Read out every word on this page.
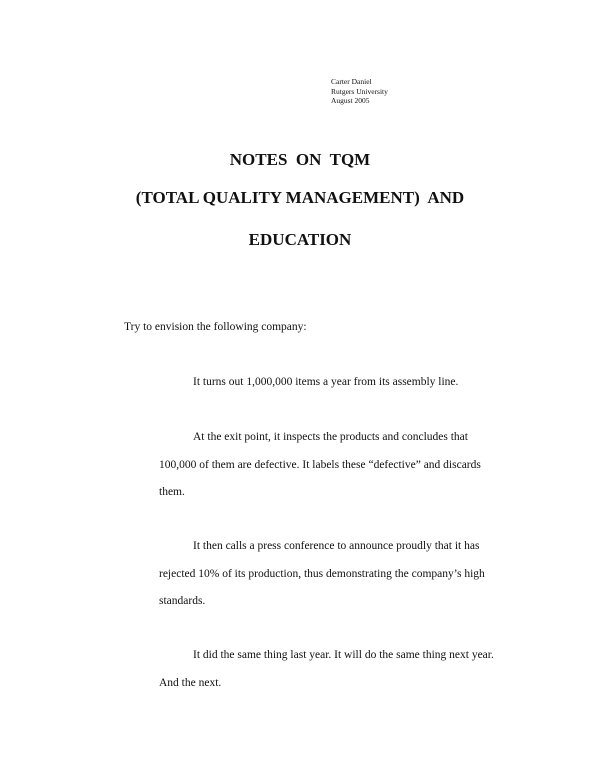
Carter Daniel
Rutgers University
August 2005
NOTES  ON  TQM
(TOTAL QUALITY MANAGEMENT)  AND
EDUCATION
Try to envision the following company:
It turns out 1,000,000 items a year from its assembly line.
At the exit point, it inspects the products and concludes that
100,000 of them are defective. It labels these “defective” and discards
them.
It then calls a press conference to announce proudly that it has
rejected 10% of its production, thus demonstrating the company’s high
standards.
It did the same thing last year. It will do the same thing next year.
And the next.
